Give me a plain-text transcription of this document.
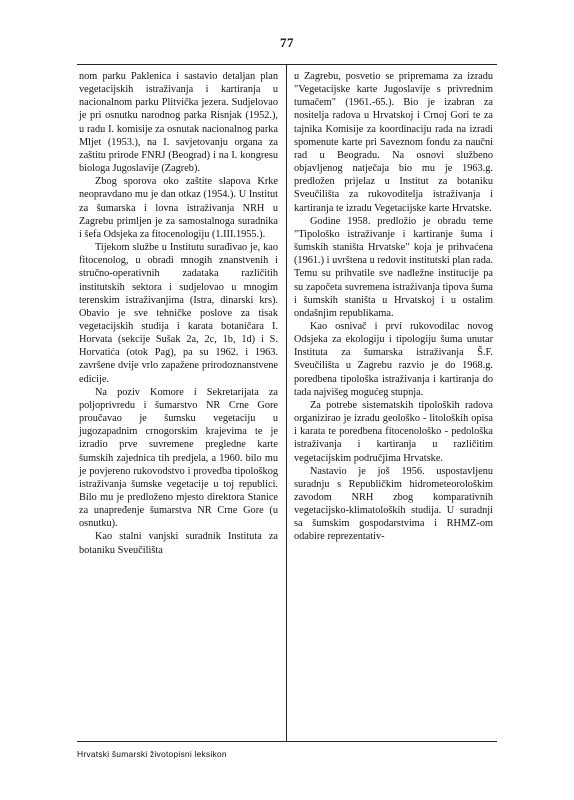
77

nom parku Paklenica i sastavio detaljan plan vegetacijskih istraživanja i kartiranja u nacionalnom parku Plitvička jezera. Sudjelovao je pri osnutku narodnog parka Risnjak (1952.), u radu I. komisije za osnutak nacionalnog parka Mljet (1953.), na I. savjetovanju organa za zaštitu prirode FNRJ (Beograd) i na I. kongresu biologa Jugoslavije (Zagreb).

Zbog sporova oko zaštite slapova Krke neopravdano mu je dan otkaz (1954.). U Institut za šumarska i lovna istraživanja NRH u Zagrebu primljen je za samostalnoga suradnika i šefa Odsjeka za fitocenologiju (1.III.1955.).

Tijekom službe u Institutu surađivao je, kao fitocenolog, u obradi mnogih znanstvenih i stručno-operativnih zadataka različitih institutskih sektora i sudjelovao u mnogim terenskim istraživanjima (Istra, dinarski krs). Obavio je sve tehničke poslove za tisak vegetacijskih studija i karata botaničara I. Horvata (sekcije Sušak 2a, 2c, 1b, 1d) i S. Horvatića (otok Pag), pa su 1962. i 1963. završene dvije vrlo zapažene prirodoznanstvene edicije.

Na poziv Komore i Sekretarijata za poljoprivredu i šumarstvo NR Crne Gore proučavao je šumsku vegetaciju u jugozapadnim crnogorskim krajevima te je izradio prve suvremene pregledne karte šumskih zajednica tih predjela, a 1960. bilo mu je povjereno rukovodstvo i provedba tipološkog istraživanja šumske vegetacije u toj republici. Bilo mu je predloženo mjesto direktora Stanice za unapređenje šumarstva NR Crne Gore (u osnutku).

Kao stalni vanjski suradnik Instituta za botaniku Sveučilišta

u Zagrebu, posvetio se pripremama za izradu "Vegetacijske karte Jugoslavije s privrednim tumačem" (1961.-65.). Bio je izabran za nositelja radova u Hrvatskoj i Crnoj Gori te za tajnika Komisije za koordinaciju rada na izradi spomenute karte pri Saveznom fondu za naučni rad u Beogradu. Na osnovi službeno objavljenog natječaja bio mu je 1963.g. predložen prijelaz u Institut za botaniku Sveučilišta za rukovoditelja istraživanja i kartiranja te izradu Vegetacijske karte Hrvatske.

Godine 1958. predložio je obradu teme "Tipološko istraživanje i kartiranje šuma i šumskih staništa Hrvatske" koja je prihvaćena (1961.) i uvrštena u redovit institutski plan rada. Temu su prihvatile sve nadležne institucije pa su započeta suvremena istraživanja tipova šuma i šumskih staništa u Hrvatskoj i u ostalim ondašnjim republikama.

Kao osnivač i prvi rukovodilac novog Odsjeka za ekologiju i tipologiju šuma unutar Instituta za šumarska istraživanja Š.F. Sveučilišta u Zagrebu razvio je do 1968.g. poredbena tipološka istraživanja i kartiranja do tada najvišeg mogućeg stupnja.

Za potrebe sistematskih tipoloških radova organizirao je izradu geološko - litoloških opisa i karata te poredbena fitocenološko - pedološka istraživanja i kartiranja u različitim vegetacijskim područjima Hrvatske.

Nastavio je još 1956. uspostavljenu suradnju s Republičkim hidrometeorološkim zavodom NRH zbog komparativnih vegetacijsko-klimatoloških studija. U suradnji sa šumskim gospodarstvima i RHMZ-om odabire reprezentativ-

Hrvatski šumarski životopisni leksikon
